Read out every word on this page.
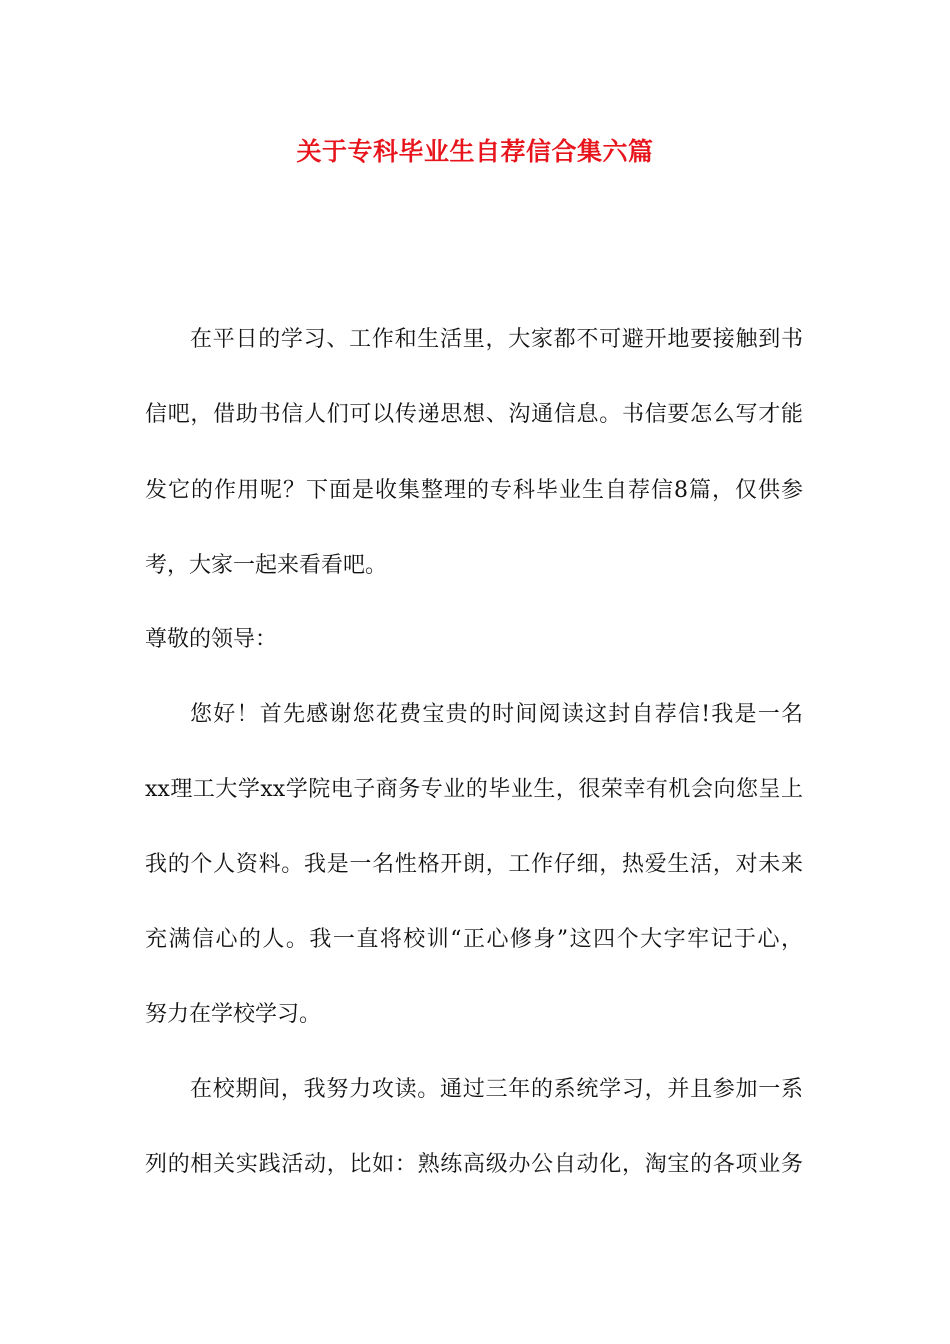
关于专科毕业生自荐信合集六篇
在平日的学习、工作和生活里，大家都不可避开地要接触到书
信吧，借助书信人们可以传递思想、沟通信息。书信要怎么写才能
发它的作用呢？下面是收集整理的专科毕业生自荐信8篇，仅供参
考，大家一起来看看吧。
尊敬的领导：
您好！首先感谢您花费宝贵的时间阅读这封自荐信!我是一名
xx理工大学xx学院电子商务专业的毕业生，很荣幸有机会向您呈上
我的个人资料。我是一名性格开朗，工作仔细，热爱生活，对未来
充满信心的人。我一直将校训“正心修身”这四个大字牢记于心，
努力在学校学习。
在校期间，我努力攻读。通过三年的系统学习，并且参加一系
列的相关实践活动，比如：熟练高级办公自动化，淘宝的各项业务
